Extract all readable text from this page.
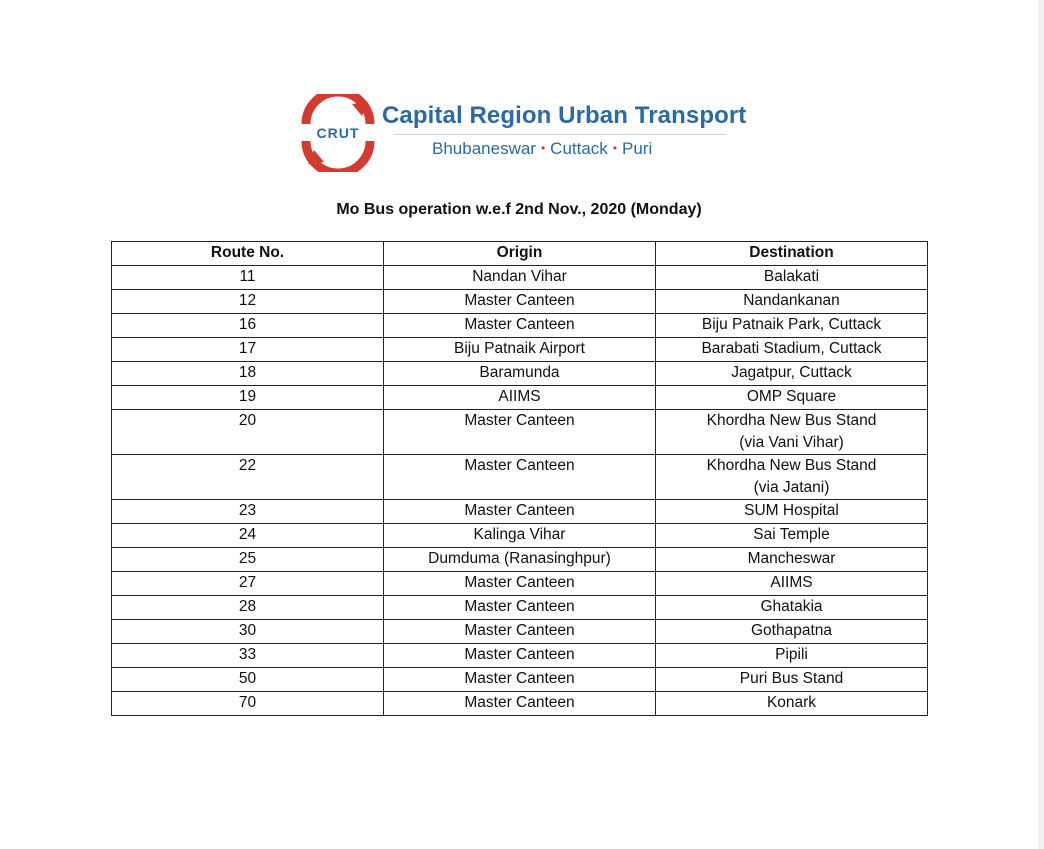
CRUT
Capital Region Urban Transport
Bhubaneswar • Cuttack • Puri
Mo Bus operation w.e.f 2nd Nov., 2020 (Monday)
Route No.	Origin	Destination
11	Nandan Vihar	Balakati

12	Master Canteen	Nandankanan

16	Master Canteen	Biju Patnaik Park, Cuttack

17	Biju Patnaik Airport	Barabati Stadium, Cuttack

18	Baramunda	Jagatpur, Cuttack

19	AIIMS	OMP Square

20	Master Canteen	Khordha New Bus Stand
(via Vani Vihar)

22	Master Canteen	Khordha New Bus Stand
(via Jatani)

23	Master Canteen	SUM Hospital

24	Kalinga Vihar	Sai Temple

25	Dumduma (Ranasinghpur)	Mancheswar

27	Master Canteen	AIIMS

28	Master Canteen	Ghatakia

30	Master Canteen	Gothapatna

33	Master Canteen	Pipili

50	Master Canteen	Puri Bus Stand

70	Master Canteen	Konark
